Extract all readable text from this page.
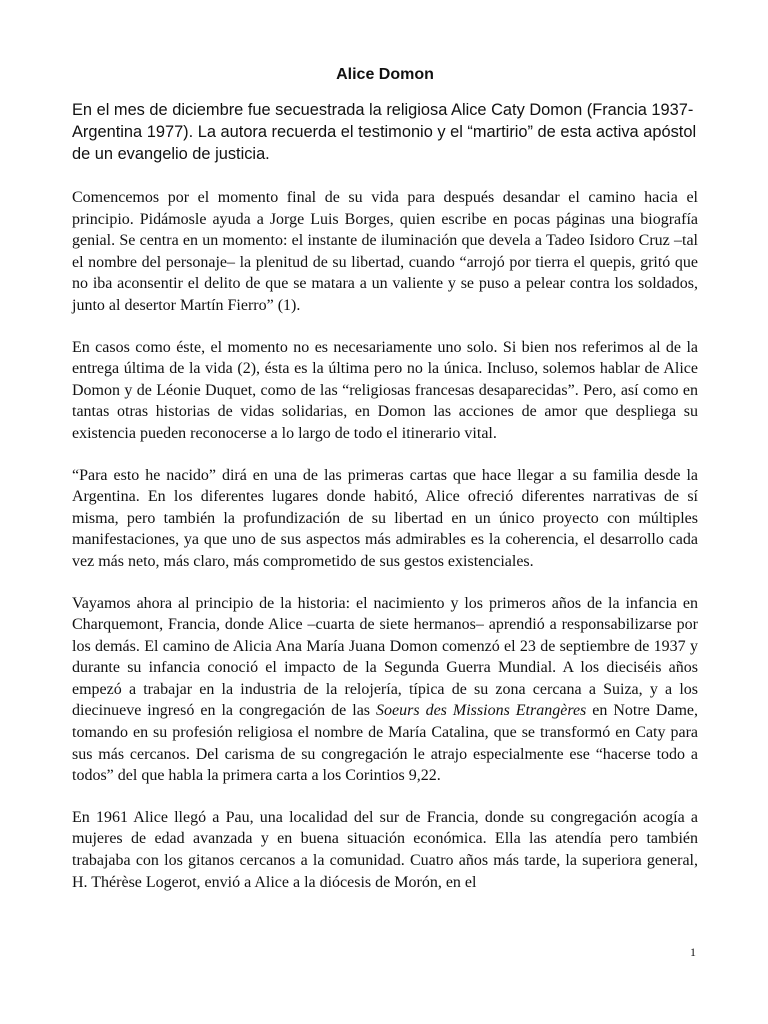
Alice Domon

En el mes de diciembre fue secuestrada la religiosa Alice Caty Domon (Francia 1937- Argentina 1977). La autora recuerda el testimonio y el “martirio” de esta activa apóstol de un evangelio de justicia.

Comencemos por el momento final de su vida para después desandar el camino hacia el principio. Pidámosle ayuda a Jorge Luis Borges, quien escribe en pocas páginas una biografía genial. Se centra en un momento: el instante de iluminación que devela a Tadeo Isidoro Cruz –tal el nombre del personaje– la plenitud de su libertad, cuando “arrojó por tierra el quepis, gritó que no iba aconsentir el delito de que se matara a un valiente y se puso a pelear contra los soldados, junto al desertor Martín Fierro” (1).

En casos como éste, el momento no es necesariamente uno solo. Si bien nos referimos al de la entrega última de la vida (2), ésta es la última pero no la única. Incluso, solemos hablar de Alice Domon y de Léonie Duquet, como de las “religiosas francesas desaparecidas”. Pero, así como en tantas otras historias de vidas solidarias, en Domon las acciones de amor que despliega su existencia pueden reconocerse a lo largo de todo el itinerario vital.

“Para esto he nacido” dirá en una de las primeras cartas que hace llegar a su familia desde la Argentina. En los diferentes lugares donde habitó, Alice ofreció diferentes narrativas de sí misma, pero también la profundización de su libertad en un único proyecto con múltiples manifestaciones, ya que uno de sus aspectos más admirables es la coherencia, el desarrollo cada vez más neto, más claro, más comprometido de sus gestos existenciales.

Vayamos ahora al principio de la historia: el nacimiento y los primeros años de la infancia en Charquemont, Francia, donde Alice –cuarta de siete hermanos– aprendió a responsabilizarse por los demás. El camino de Alicia Ana María Juana Domon comenzó el 23 de septiembre de 1937 y durante su infancia conoció el impacto de la Segunda Guerra Mundial. A los dieciséis años empezó a trabajar en la industria de la relojería, típica de su zona cercana a Suiza, y a los diecinueve ingresó en la congregación de las Soeurs des Missions Etrangères en Notre Dame, tomando en su profesión religiosa el nombre de María Catalina, que se transformó en Caty para sus más cercanos. Del carisma de su congregación le atrajo especialmente ese “hacerse todo a todos” del que habla la primera carta a los Corintios 9,22.

En 1961 Alice llegó a Pau, una localidad del sur de Francia, donde su congregación acogía a mujeres de edad avanzada y en buena situación económica. Ella las atendía pero también trabajaba con los gitanos cercanos a la comunidad. Cuatro años más tarde, la superiora general, H. Thérèse Logerot, envió a Alice a la diócesis de Morón, en el

1
